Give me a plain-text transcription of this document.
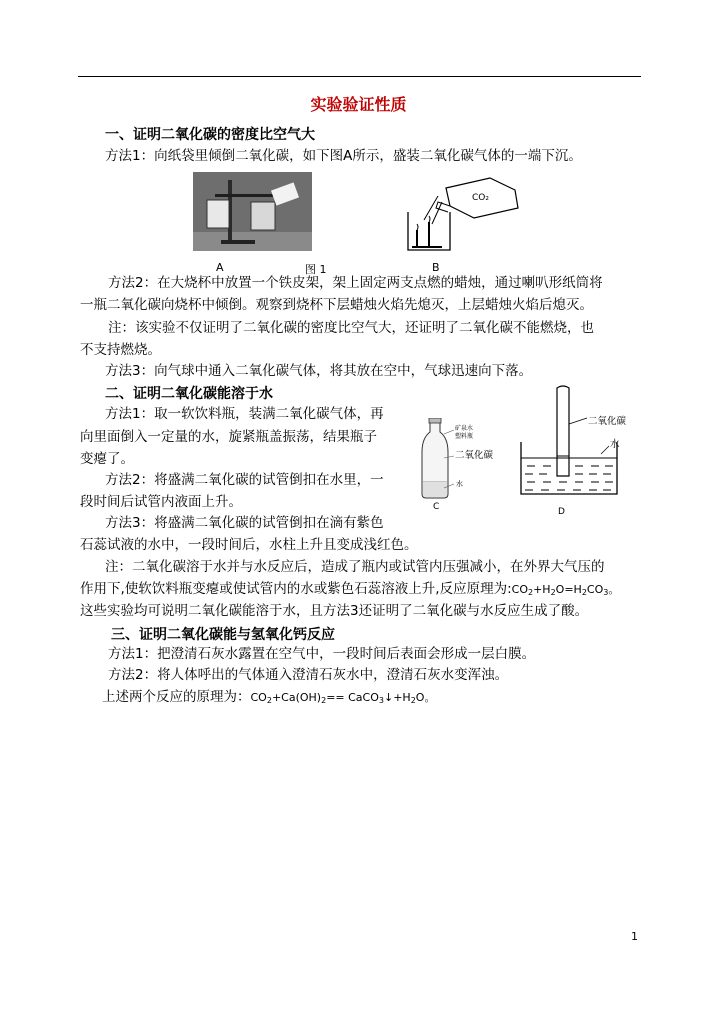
实验验证性质
一、证明二氧化碳的密度比空气大
方法1：向纸袋里倾倒二氧化碳，如下图A所示，盛装二氧化碳气体的一端下沉。
CO₂
A	图 1	B
方法2：在大烧杯中放置一个铁皮架，架上固定两支点燃的蜡烛，通过喇叭形纸筒将
一瓶二氧化碳向烧杯中倾倒。观察到烧杯下层蜡烛火焰先熄灭，上层蜡烛火焰后熄灭。
注：该实验不仅证明了二氧化碳的密度比空气大，还证明了二氧化碳不能燃烧，也
不支持燃烧。
方法3：向气球中通入二氧化碳气体，将其放在空中，气球迅速向下落。
二、证明二氧化碳能溶于水
方法1：取一软饮料瓶，装满二氧化碳气体，再
向里面倒入一定量的水，旋紧瓶盖振荡，结果瓶子
变瘪了。
方法2：将盛满二氧化碳的试管倒扣在水里，一
段时间后试管内液面上升。
方法3：将盛满二氧化碳的试管倒扣在滴有紫色
石蕊试液的水中，一段时间后，水柱上升且变成浅红色。
矿泉水
塑料瓶
二氧化碳
水
C
二氧化碳
水
D
注：二氧化碳溶于水并与水反应后，造成了瓶内或试管内压强减小，在外界大气压的
作用下,使软饮料瓶变瘪或使试管内的水或紫色石蕊溶液上升,反应原理为$:CO_2+H_2O=H_2CO_3$。
这些实验均可说明二氧化碳能溶于水，且方法3还证明了二氧化碳与水反应生成了酸。
三、证明二氧化碳能与氢氧化钙反应
方法1：把澄清石灰水露置在空气中，一段时间后表面会形成一层白膜。
方法2：将人体呼出的气体通入澄清石灰水中，澄清石灰水变浑浊。
上述两个反应的原理为：$CO_2+Ca(OH)_2==$ $CaCO_3↓+H_2O$。
1
